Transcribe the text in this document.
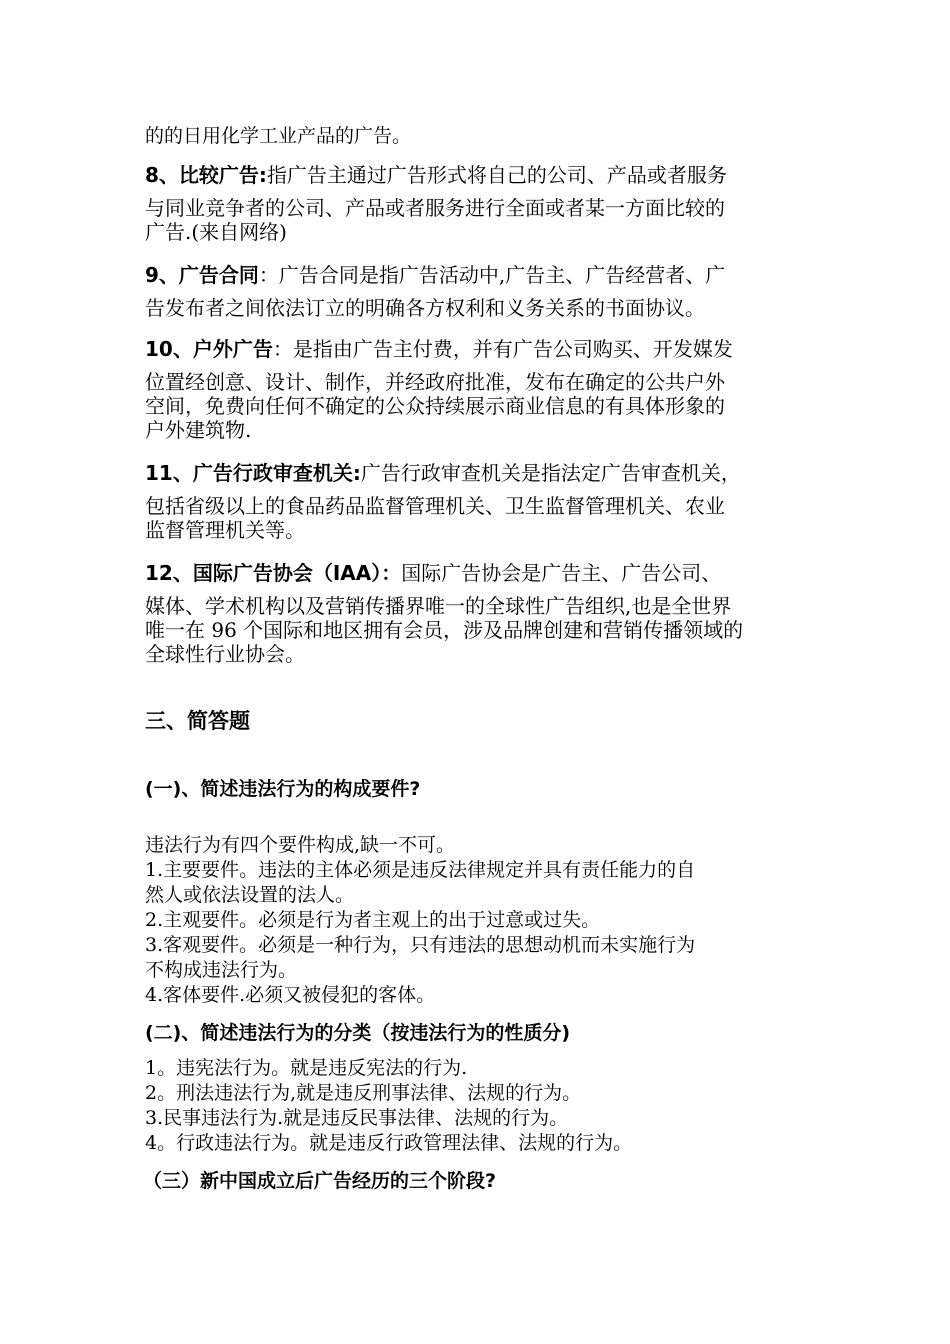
的的日用化学工业产品的广告。
8、比较广告:指广告主通过广告形式将自己的公司、产品或者服务
与同业竞争者的公司、产品或者服务进行全面或者某一方面比较的
广告.(来自网络)
9、广告合同：广告合同是指广告活动中,广告主、广告经营者、广
告发布者之间依法订立的明确各方权利和义务关系的书面协议。
10、户外广告：是指由广告主付费，并有广告公司购买、开发媒发
位置经创意、设计、制作，并经政府批准，发布在确定的公共户外
空间，免费向任何不确定的公众持续展示商业信息的有具体形象的
户外建筑物.
11、广告行政审查机关:广告行政审查机关是指法定广告审查机关，
包括省级以上的食品药品监督管理机关、卫生监督管理机关、农业
监督管理机关等。
12、国际广告协会（IAA）：国际广告协会是广告主、广告公司、
媒体、学术机构以及营销传播界唯一的全球性广告组织,也是全世界
唯一在 96 个国际和地区拥有会员，涉及品牌创建和营销传播领域的
全球性行业协会。
三、简答题
(一)、简述违法行为的构成要件?
违法行为有四个要件构成,缺一不可。
1.主要要件。违法的主体必须是违反法律规定并具有责任能力的自
然人或依法设置的法人。
2.主观要件。必须是行为者主观上的出于过意或过失。
3.客观要件。必须是一种行为，只有违法的思想动机而未实施行为
不构成违法行为。
4.客体要件.必须又被侵犯的客体。
(二)、简述违法行为的分类（按违法行为的性质分)
1。违宪法行为。就是违反宪法的行为.
2。刑法违法行为,就是违反刑事法律、法规的行为。
3.民事违法行为.就是违反民事法律、法规的行为。
4。行政违法行为。就是违反行政管理法律、法规的行为。
（三）新中国成立后广告经历的三个阶段?
